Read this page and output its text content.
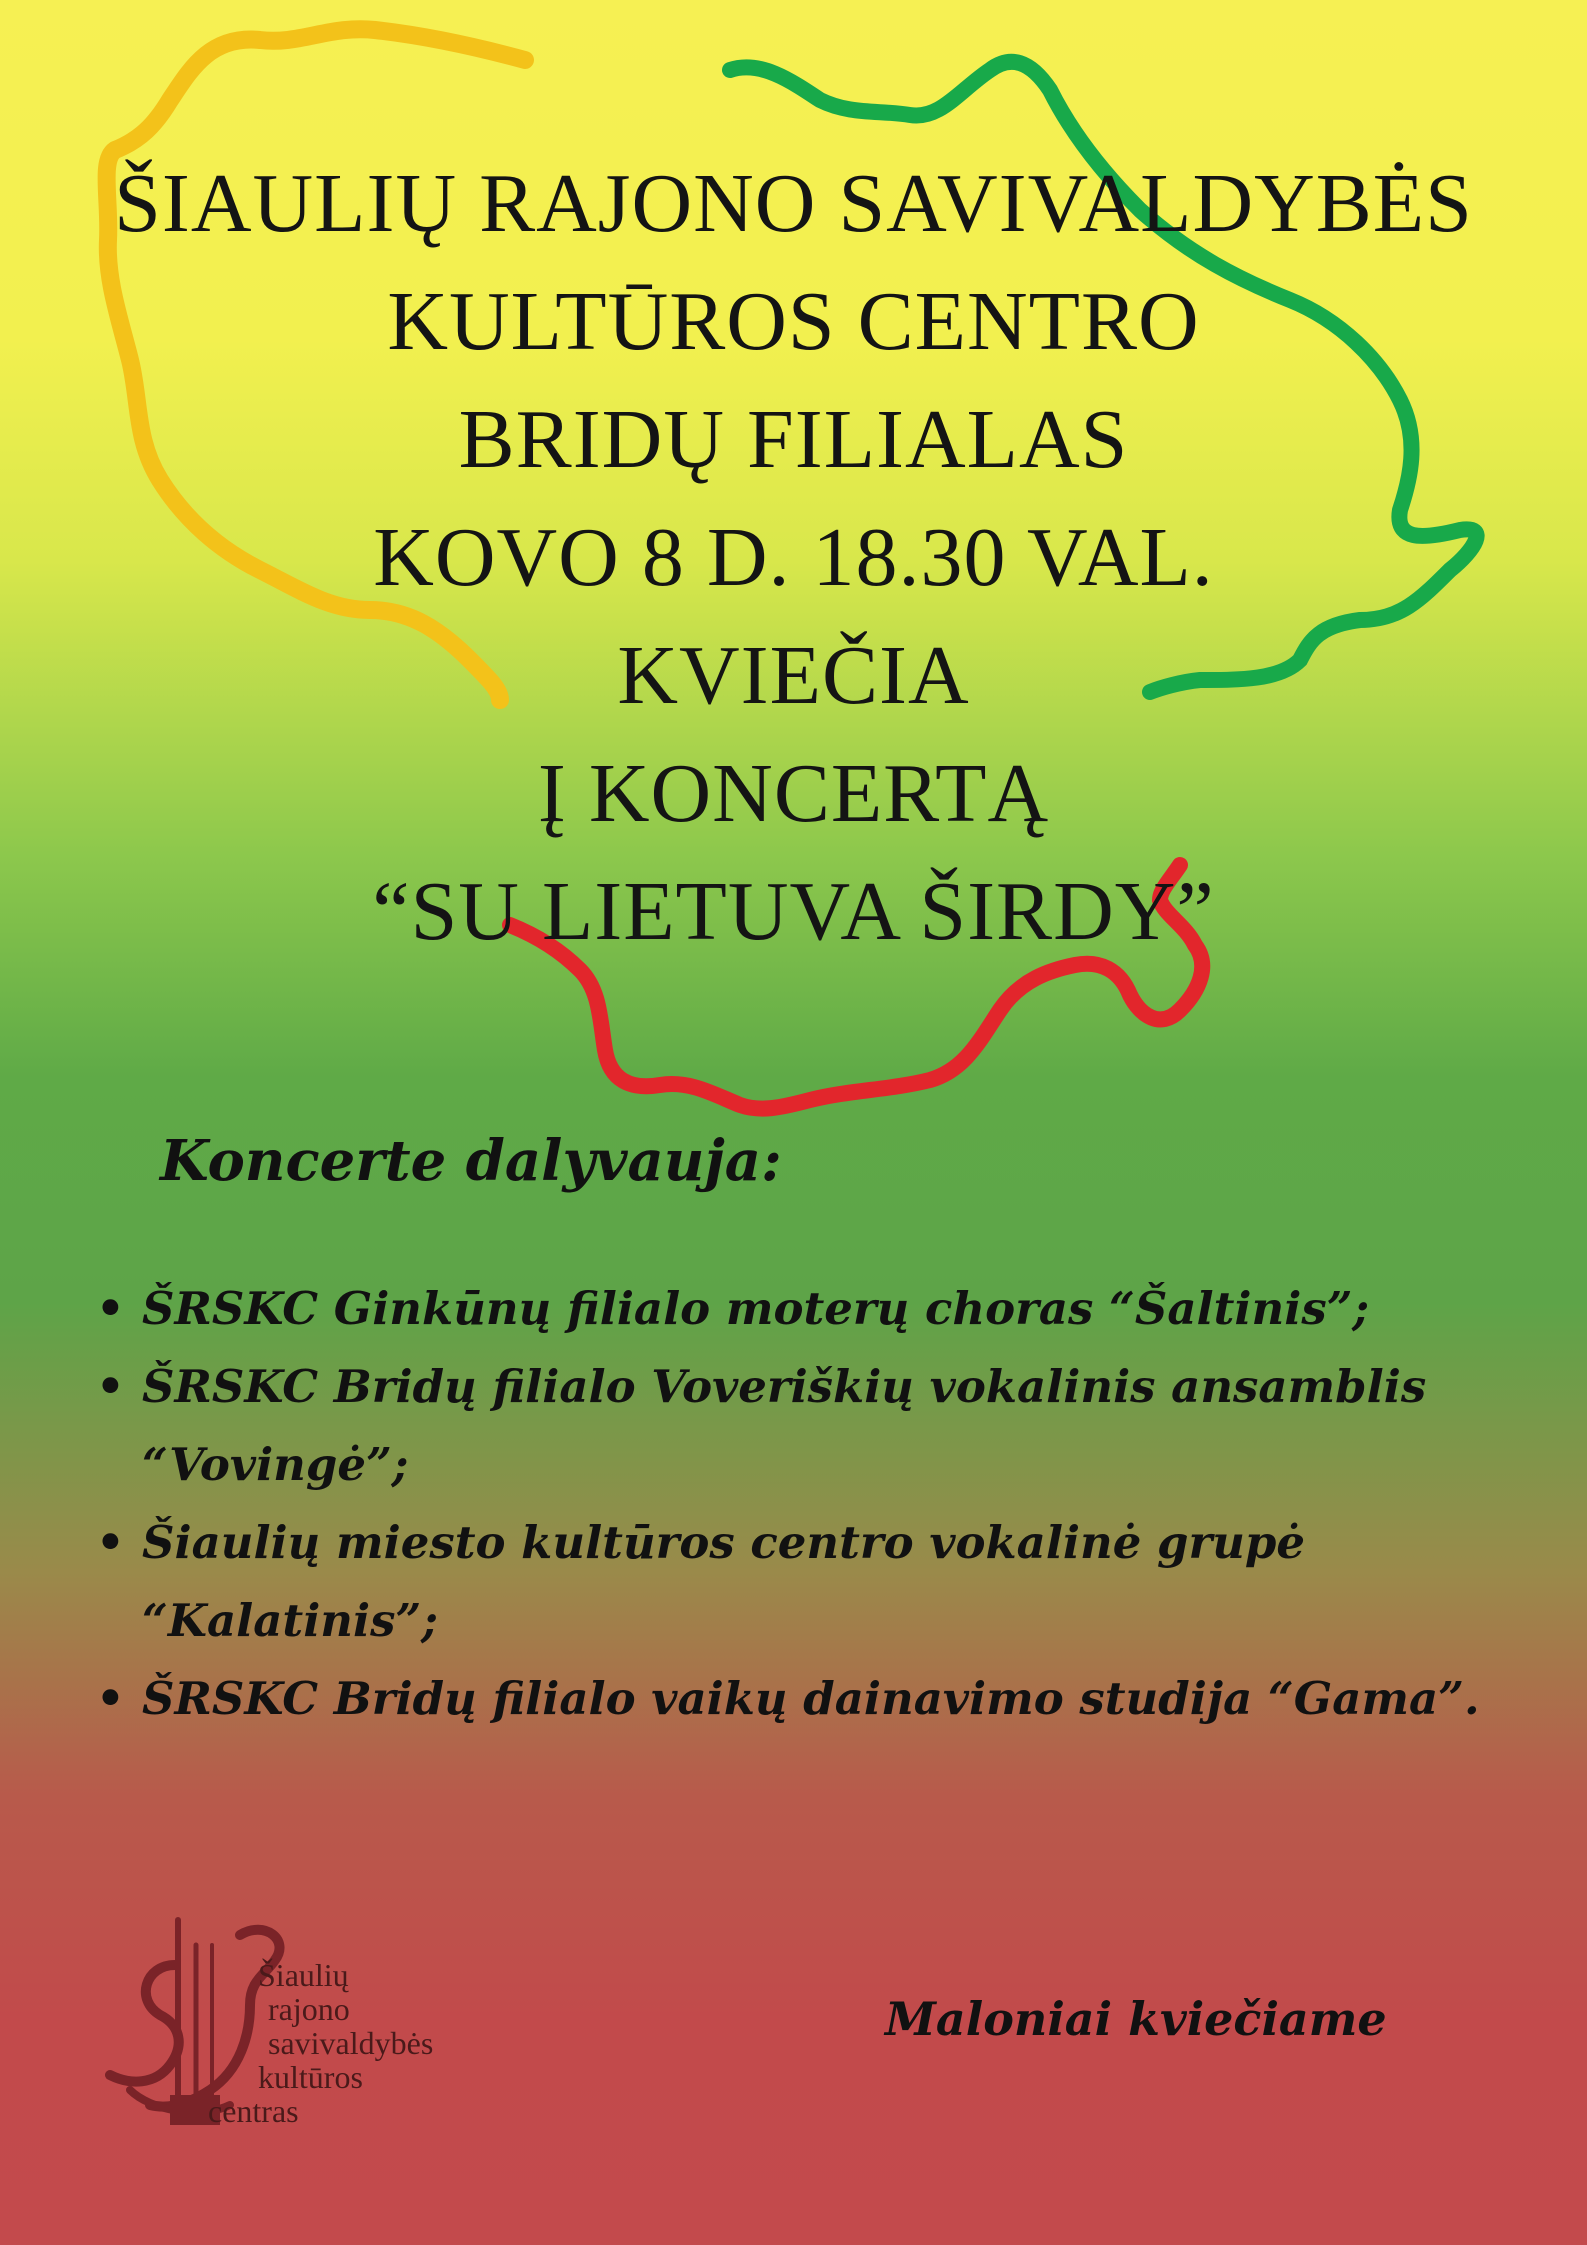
ŠIAULIŲ RAJONO SAVIVALDYBĖS
KULTŪROS CENTRO
BRIDŲ FILIALAS
KOVO 8 D. 18.30 VAL.
KVIEČIA
Į KONCERTĄ
“SU LIETUVA ŠIRDY”
Koncerte dalyvauja:
• ŠRSKC Ginkūnų filialo moterų choras “Šaltinis”;
• ŠRSKC Bridų filialo Voveriškių vokalinis ansamblis
“Vovingė”;
• Šiaulių miesto kultūros centro vokalinė grupė
“Kalatinis”;
• ŠRSKC Bridų filialo vaikų dainavimo studija “Gama”.
Šiaulių
rajono
savivaldybės
kultūros
centras
Maloniai kviečiame
